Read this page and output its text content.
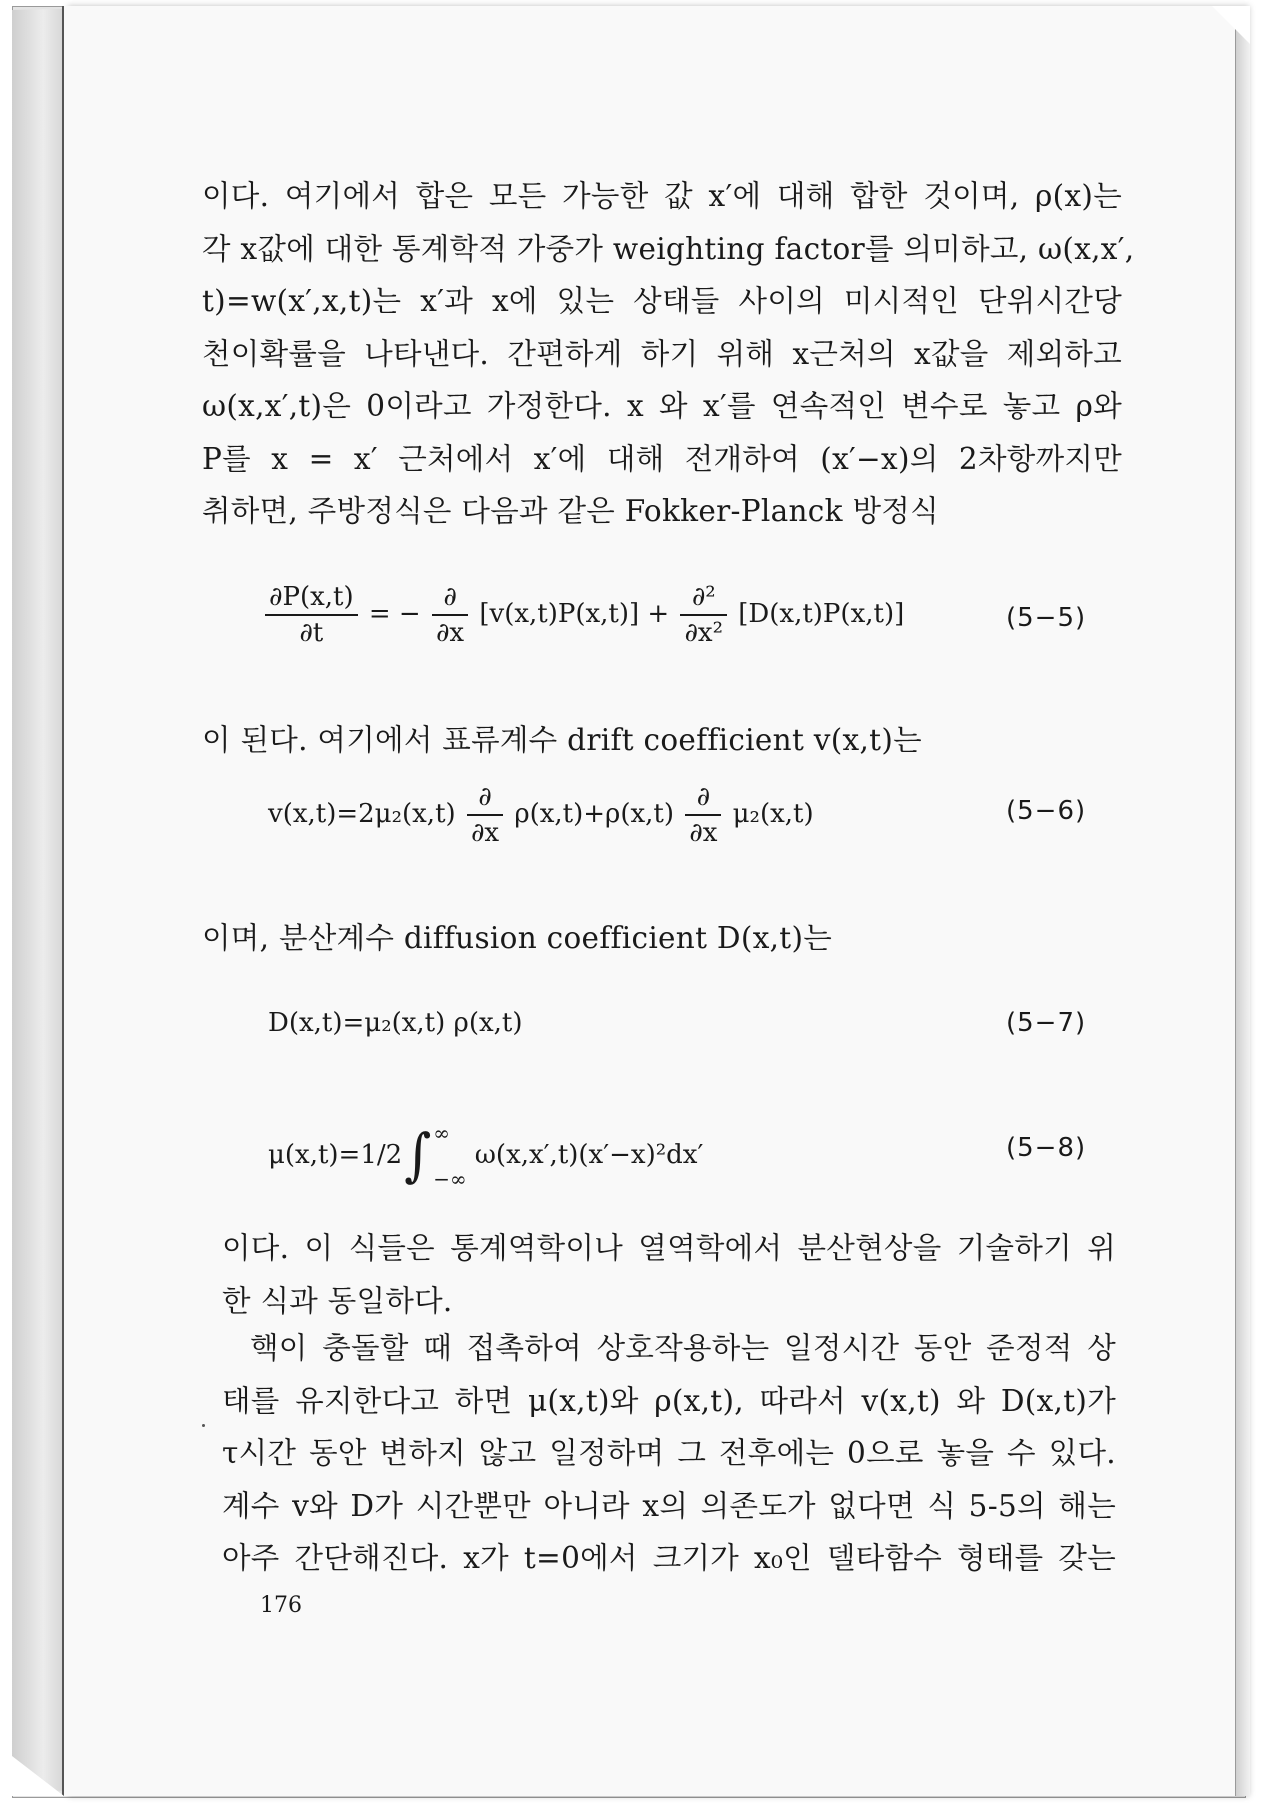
이다. 여기에서 합은 모든 가능한 값 x′에 대해 합한 것이며, ρ(x)는
각 x값에 대한 통계학적 가중가 weighting factor를 의미하고, ω(x,x′,
t)=w(x′,x,t)는 x′과 x에 있는 상태들 사이의 미시적인 단위시간당
천이확률을 나타낸다. 간편하게 하기 위해 x근처의 x값을 제외하고
ω(x,x′,t)은 0이라고 가정한다. x 와 x′를 연속적인 변수로 놓고 ρ와
P를 x = x′ 근처에서 x′에 대해 전개하여 (x′−x)의 2차항까지만
취하면, 주방정식은 다음과 같은 Fokker-Planck 방정식
$\frac{\partial P(x,t)}{\partial t}$ = − $\frac{\partial}{\partial x} [v(x,t)P(x,t)] + \frac{\text{∂²}}{\text{∂x²}} [D(x,t)P(x,t)]$	(5−5)
이 된다. 여기에서 표류계수 drift coefficient v(x,t)는
$v(x,t)=2\mu_2(x,t) \frac{\partial}{\partial x} \rho(x,t)+\rho(x,t) \frac{\partial}{\partial x} \mu_2(x,t)$	(5−6)
이며, 분산계수 diffusion coefficient D(x,t)는
D(x,t)=μ₂(x,t) ρ(x,t)	(5−7)
μ(x,t)=1/2∫ ∞
−∞
ω(x,x′,t)(x′−x)²dx′	(5−8)
이다. 이 식들은 통계역학이나 열역학에서 분산현상을 기술하기 위
한 식과 동일하다.
핵이 충돌할 때 접촉하여 상호작용하는 일정시간 동안 준정적 상
태를 유지한다고 하면 μ(x,t)와 ρ(x,t), 따라서 v(x,t) 와 D(x,t)가
τ시간 동안 변하지 않고 일정하며 그 전후에는 0으로 놓을 수 있다.
계수 v와 D가 시간뿐만 아니라 x의 의존도가 없다면 식 5-5의 해는
아주 간단해진다. x가 t=0에서 크기가 x₀인 델타함수 형태를 갖는
176
